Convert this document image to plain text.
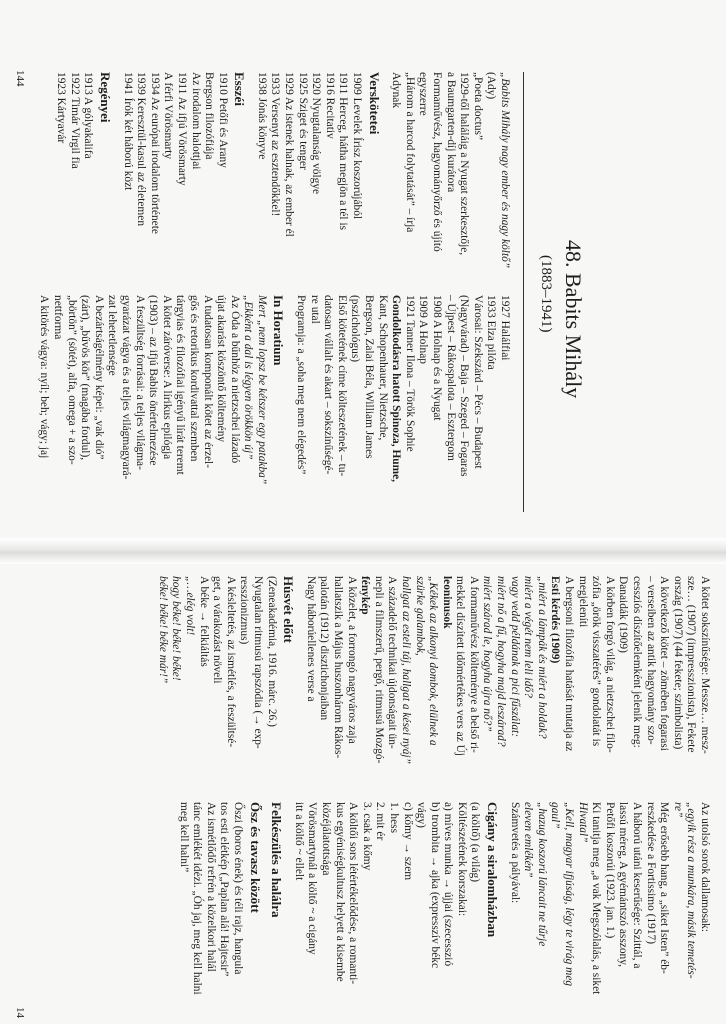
48. Babits Mihály
(1883–1941)

„Babits Mihály nagy ember és nagy költő”

(Ady)

„Poeta doctus”

1929-től haláláig a Nyugat szerkesztője,

a Baumgarten-díj kurátora

Formaművész, hagyományőrző és újító

egyszerre

„Három a harcod folytatását” – írja

Adynak

Verskötetei

1909 Levelek Írisz koszorújából

1911 Herceg, hátha megjön a tél is

1916 Recitativ

1920 Nyugtalanság völgye

1925 Sziget és tenger

1929 Az istenek halnak, az ember él

1933 Versenyt az esztendőkkel!

1938 Jónás könyve

Esszéi

1910 Petőfi és Arany

Bergson filozófiája

Az irodalom halottjai

1911 Az ifjú Vörösmarty

A férfi Vörösmarty

1934 Az európai irodalom története

1939 Keresztül-kasul az életemen

1941 Írók két háború közt

Regényei

1913 A gólyakalifa

1922 Timár Virgil fia

1923 Kártyavár

1927 Halálfiai

1933 Elza pilóta

Városai: Szekszárd – Pécs – Budapest

(Nagyvárad) – Baja – Szeged – Fogaras

– Újpest – Rákospalota – Esztergom

1908 A Holnap és a Nyugat

1909 A Holnap

1921 Tanner Ilona – Török Sophie

Gondolkodásra hatott Spinoza, Hume,

Kant, Schopenhauer, Nietzsche,

Bergson, Zalai Béla, William James

(pszichológus)

Első kötetének címe költeszetének – tu-

datosan vállalt és akart – sokszínűségé-

re utal

Programja: a „soha meg nem elégedés”

In Horatium

Mert „nem lopsz be kétszer egy patakba”

„Ekként a dal is légyen örökkön új”

Az Óda a bűnhöz a nietzschei lázadó

újat akarást köszöntő költemény

A tudatosan komponált kötet az érzel-

gős és retorikus kordivattal szemben

tárgyias és filozófiai igényű lírát teremt

A kötet záróverse: A lírikus epilógja

(1903) – az ifjú Babits önértelmezése

A feszültség forrásai: a teljes világma-

gyarázat vágya és a teljes világmagyará-

zat lehetetlensége

A bezártságélmény képei: „vak dió”

(zárt), „bűvös kör” (magába fordul),

„börtön” (sötét), alfa, omega + a szo-

nettforma

A kitörés vágya: nyíl; beh; vágy; jaj

144

A kötet sokszínűsége: Messze… mesz-

sze… (1907) (impresszionista), Fekete

ország (1907) (44 fekete; szimbolista)

A következő kötet – zömében fogarasi

– verseiben az antik hagyomány szo-

cessziós díszítőelemként jelenik meg:

Danaidák (1909)

A körben forgó világ, a nietzschei filo-

zófia „örök visszatérés” gondolatát is

megjeleníti

A bergsoni filozófia hatását mutatja az

Esti kérdés (1909)

„miért a lámpák és miért a holdak?

miért a végét nem leli idő?

vagy vedd példának a pici fűszálat:

miért nő a fű, hogyha majd leszárad?

miért szárad le, hogyha újra nő?”

A formaművész költeménye a belső ri-

mekkel díszített időmértékes vers az Új

leoninusok

„Kékek az alkonyi dombok, elülnek a

szürke galambok,

hallgat az esteli táj, hallgat a kései nyáj”

A századelő technikai újdonságait ün-

nepli a filmszerű, pergő, ritmusú Mozgó-

fénykép

A közelet, a forrongó nagyváros zaja

hallatszik a Május huszonhárom Rákos-

palotán (1912) disztichonjaiban

Nagy háborúellenes verse a

Húsvét előtt

(Zeneakadémia, 1916. márc. 26.)

Nyugtalan ritmusú rapszódia (→ exp-

resszionizmus)

A késleltetés, az ismétlés, a feszültsé-

get, a várakozást növeli

A béke → felkiáltás

„…elég volt!

hogy béke! béke! béke!

béke! béke! béke már!”

Az utolsó sorok dallamosak:

„egyik rész a munkára, másik temetés-

re”

Még erősebb hang, a „siket Isten” éb-

reszkedése a Fortissimo (1917)

A háború utáni keserűsége: Szittál, a

lassú méreg, A gyémántszó asszony,

Petőfi koszorúi (1923. jan. 1.)

Ki tanitja meg „a vak Megszólalás, a siket

Hivatal”

„Kell, magyar ifjúság, légy te virág meg

gaul”

„hazug koszorú láncait ne tűrje

eleven emlékén”

Számvetés a pályával:

Cigány a siralomházban

(a költő) (a világ)

Költészetének korszakai:

a) míves munka → újjai (szecesszió

b) trombita → ajka (expresszív békc

vágy)

c) kőmy → szem

1. hess

2. mit ér

3. csak a kőmy

A költői sors létértékelődése, a romanti-

kus egyéniségkultusz helyett a kisembe

közéjálatottsága

Vörösmartynál a költő ~ a cigány

itt a költő ~ ellelt

Felkészülés a halálra

Ősz és tavasz között

Őszi (boros ének) és téli rajz, hangula

tos esti elétkép („Paplan alá! Hajtesir”

Az ismétlődő refrén a közelkori halál

tánc emlékét idézi. „Óh jaj, meg kell halni

meg kell halni”

14
